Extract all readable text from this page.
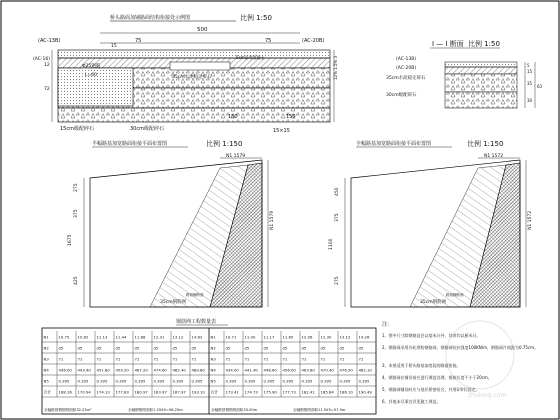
桥头路面加铺路面结构衔接处示例图	比例 1:50
500
75	75
15
(AC-13B)	(AC-20B)
(AC-16)
35cm水泥稳定碎石
Φ25钢筋
L=60
5cm沥青混凝土
12
72
15cm级配碎石	30cm级配碎石	15×15
150	150
12% 1.5% 3
I — I 断面 比例 1:50
(AC-13B)
(AC-20B)
35cm水泥稳定碎石
30cm级配碎石
5
15
35
30
63
半幅路基加宽路面衔接平面布置图	比例 1:150
N1 1579
275
375
1675
425
N1 1579
35cm钢筋网
路面横断面
全幅路基加宽路面衔接平面布置图	比例 1:150
N1 1572
450
375
1100
275
N1 1572
35cm钢筋网
路面横断面
钢筋网工程数量表
N1	10.75 10.82 11.13 11.44 11.88 12.31 13.12 14.62
N2	σ5	σ5	σ5	σ5	σ5	σ5	σ5	σ5
N3	71	71	71	71	71	71	71	71
N4	436.00 443.40 451.80 459.20 467.20 474.60 482.40 489.80
N5	0.395 0.395 0.395 0.395 0.395 0.395 0.395 0.395
合计 168.16 170.94 174.13 177.83 180.97 183.97 187.97 193.10
N1	10.71 11.00 11.17 11.65 12.06 12.30 13.12 14.26
N2	σ5	σ5	σ5	σ5	σ5	σ5	σ5	σ5
N3	71	71	71	71	71	71	71	71
N4	434.00 441.40 448.60 456.00 463.80 470.40 476.30 482.10
N5	0.395 0.395 0.395 0.395 0.395 0.395 0.395 0.395
合计 173.41 174.73 175.90 177.73 182.41 185.84 186.10 190.49
全幅路基钢筋网面积32.25m²	全幅钢筋网面积1.25X5=56.25m	全幅路基钢筋网面积33.00m	全幅钢筋网面积11.5X5=57.5m
注：
1、图中尺寸除钢筋直径以毫米计外，其余均以厘米计。
2、钢筋网采用冷轧带肋钢筋网，钢筋网抗拉强度100KN/m，钢筋网片间距为0.75cm。
3、本图适用于桥头路基加宽段的路面衔接。
4、钢筋网在铺设前应进行调直处理，搭接长度不小于20cm。
5、钢筋网铺设时应与基层紧密贴合，并用U形钉固定。
6、其他未尽事宜详见施工规范。
zhulong.com
